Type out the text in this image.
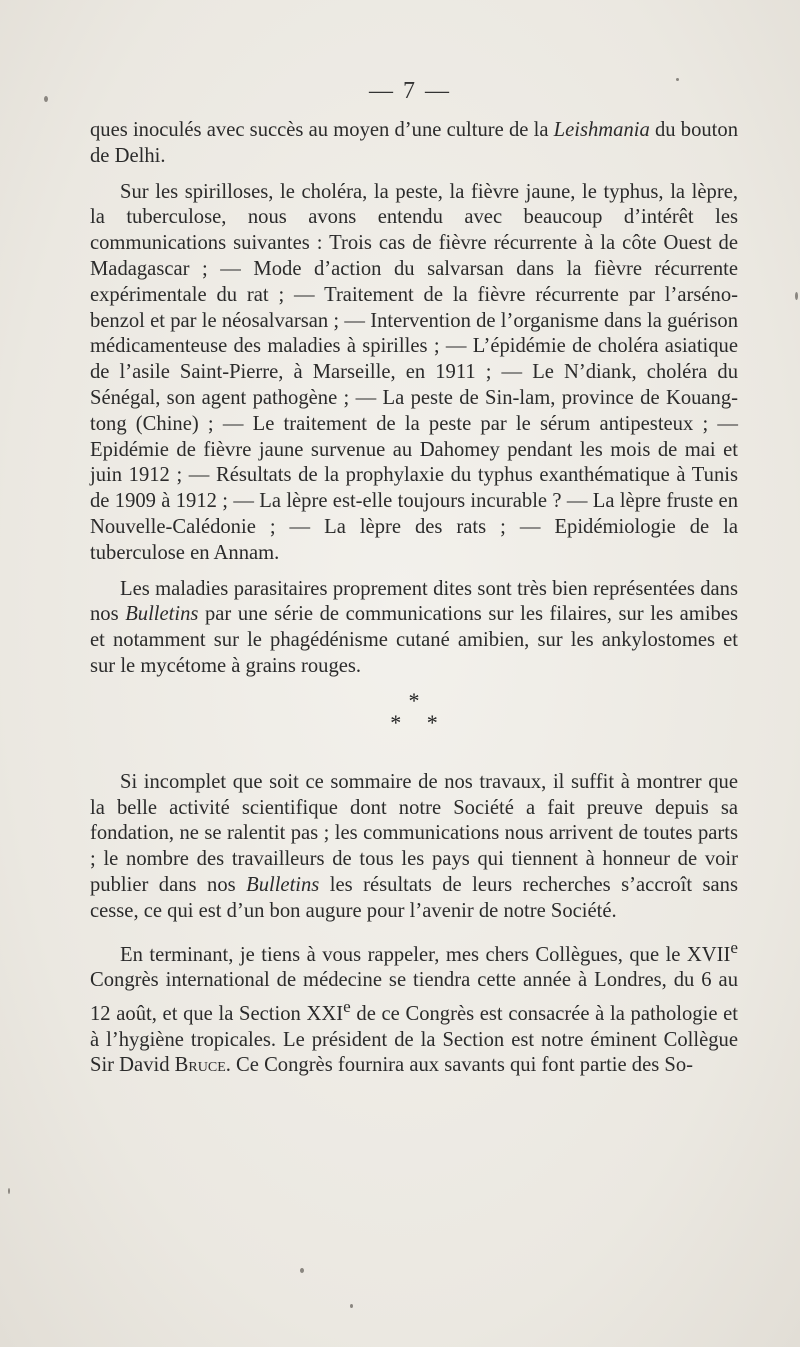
— 7 —

ques inoculés avec succès au moyen d’une culture de la Leishmania du bouton de Delhi.

Sur les spirilloses, le choléra, la peste, la fièvre jaune, le typhus, la lèpre, la tuberculose, nous avons entendu avec beaucoup d’intérêt les communications suivantes : Trois cas de fièvre récurrente à la côte Ouest de Madagascar ; — Mode d’action du salvarsan dans la fièvre récurrente expérimentale du rat ; — Traitement de la fièvre récurrente par l’arséno-benzol et par le néosalvarsan ; — Intervention de l’organisme dans la guérison médicamenteuse des maladies à spirilles ; — L’épidémie de choléra asiatique de l’asile Saint-Pierre, à Marseille, en 1911 ; — Le N’diank, choléra du Sénégal, son agent pathogène ; — La peste de Sin-lam, province de Kouang-tong (Chine) ; — Le traitement de la peste par le sérum antipesteux ; — Epidémie de fièvre jaune survenue au Dahomey pendant les mois de mai et juin 1912 ; — Résultats de la prophylaxie du typhus exanthématique à Tunis de 1909 à 1912 ; — La lèpre est-elle toujours incurable ? — La lèpre fruste en Nouvelle-Calédonie ; — La lèpre des rats ; — Epidémiologie de la tuberculose en Annam.

Les maladies parasitaires proprement dites sont très bien représentées dans nos Bulletins par une série de communications sur les filaires, sur les amibes et notamment sur le phagédénisme cutané amibien, sur les ankylostomes et sur le mycétome à grains rouges.

*
* *

Si incomplet que soit ce sommaire de nos travaux, il suffit à montrer que la belle activité scientifique dont notre Société a fait preuve depuis sa fondation, ne se ralentit pas ; les communications nous arrivent de toutes parts ; le nombre des travailleurs de tous les pays qui tiennent à honneur de voir publier dans nos Bulletins les résultats de leurs recherches s’accroît sans cesse, ce qui est d’un bon augure pour l’avenir de notre Société.

En terminant, je tiens à vous rappeler, mes chers Collègues, que le XVIIe Congrès international de médecine se tiendra cette année à Londres, du 6 au 12 août, et que la Section XXIe de ce Congrès est consacrée à la pathologie et à l’hygiène tropicales. Le président de la Section est notre éminent Collègue Sir David Bruce. Ce Congrès fournira aux savants qui font partie des So-
